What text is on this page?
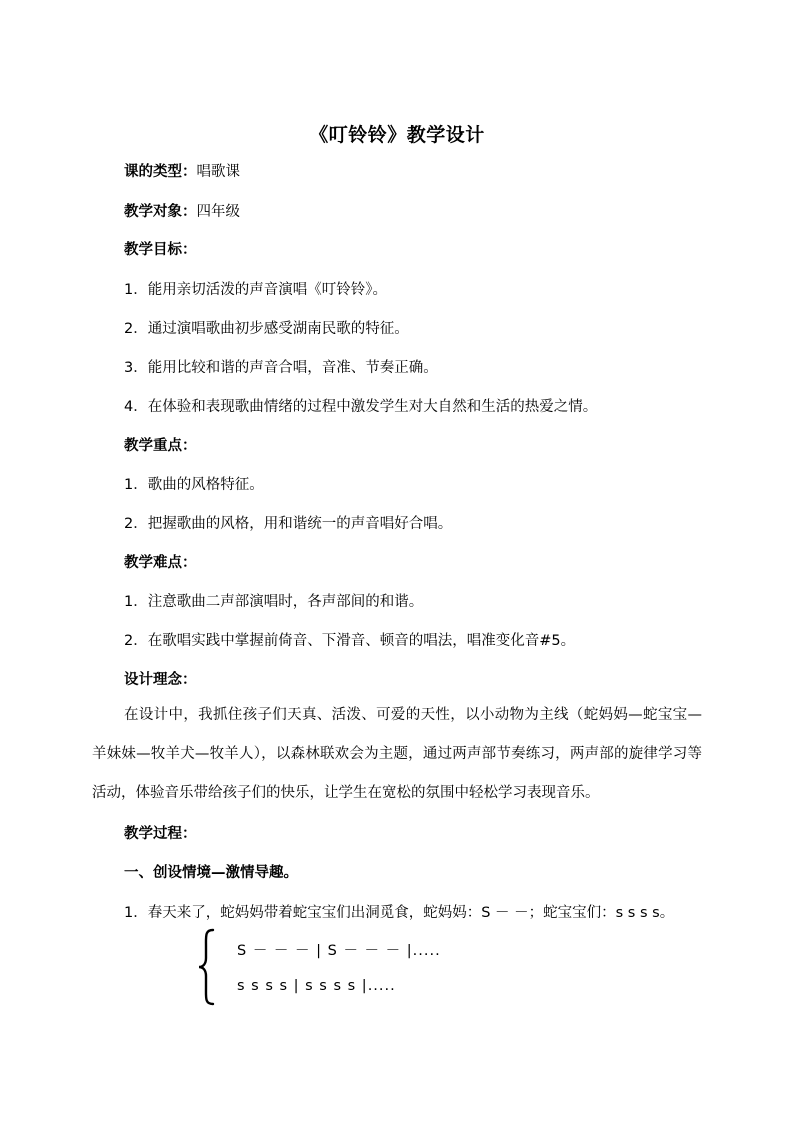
《叮铃铃》教学设计
课的类型：唱歌课
教学对象：四年级
教学目标：
1．能用亲切活泼的声音演唱《叮铃铃》。
2．通过演唱歌曲初步感受湖南民歌的特征。
3．能用比较和谐的声音合唱，音准、节奏正确。
4．在体验和表现歌曲情绪的过程中激发学生对大自然和生活的热爱之情。
教学重点：
1．歌曲的风格特征。
2．把握歌曲的风格，用和谐统一的声音唱好合唱。
教学难点：
1．注意歌曲二声部演唱时，各声部间的和谐。
2．在歌唱实践中掌握前倚音、下滑音、顿音的唱法，唱准变化音#5。
设计理念：
在设计中，我抓住孩子们天真、活泼、可爱的天性，以小动物为主线（蛇妈妈—蛇宝宝—羊妹妹—牧羊犬—牧羊人），以森林联欢会为主题，通过两声部节奏练习，两声部的旋律学习等活动，体验音乐带给孩子们的快乐，让学生在宽松的氛围中轻松学习表现音乐。
教学过程：
一、创设情境—激情导趣。
1．春天来了，蛇妈妈带着蛇宝宝们出洞觅食，蛇妈妈：S － －；蛇宝宝们：s s s s。
S － － － | S － － － |.....
s s s s | s s s s |.....
